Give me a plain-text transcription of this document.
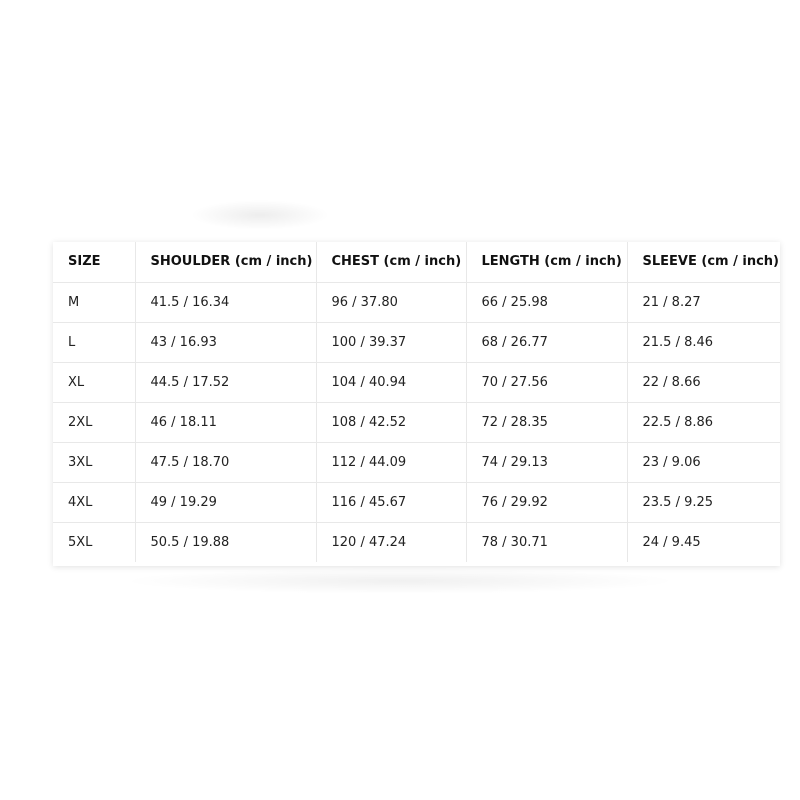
SIZE	SHOULDER (cm / inch)	CHEST (cm / inch)	LENGTH (cm / inch)	SLEEVE (cm / inch)
M	41.5 / 16.34	96 / 37.80	66 / 25.98	21 / 8.27
L	43 / 16.93	100 / 39.37	68 / 26.77	21.5 / 8.46
XL	44.5 / 17.52	104 / 40.94	70 / 27.56	22 / 8.66
2XL	46 / 18.11	108 / 42.52	72 / 28.35	22.5 / 8.86
3XL	47.5 / 18.70	112 / 44.09	74 / 29.13	23 / 9.06
4XL	49 / 19.29	116 / 45.67	76 / 29.92	23.5 / 9.25
5XL	50.5 / 19.88	120 / 47.24	78 / 30.71	24 / 9.45
